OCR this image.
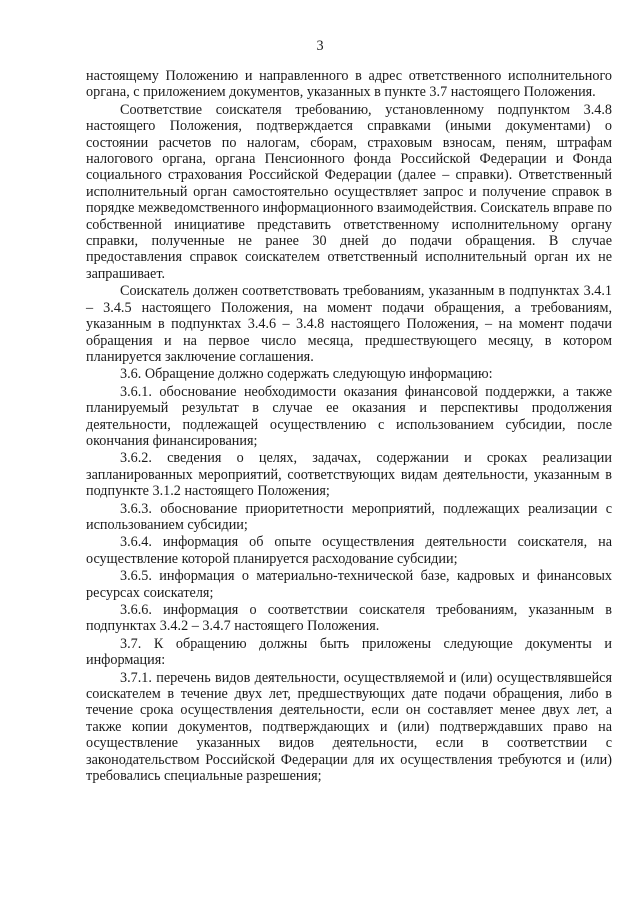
3

настоящему Положению и направленного в адрес ответственного исполнительного органа, с приложением документов, указанных в пункте 3.7 настоящего Положения.

Соответствие соискателя требованию, установленному подпунктом 3.4.8 настоящего Положения, подтверждается справками (иными документами) о состоянии расчетов по налогам, сборам, страховым взносам, пеням, штрафам налогового органа, органа Пенсионного фонда Российской Федерации и Фонда социального страхования Российской Федерации (далее – справки). Ответственный исполнительный орган самостоятельно осуществляет запрос и получение справок в порядке межведомственного информационного взаимодействия. Соискатель вправе по собственной инициативе представить ответственному исполнительному органу справки, полученные не ранее 30 дней до подачи обращения. В случае предоставления справок соискателем ответственный исполнительный орган их не запрашивает.

Соискатель должен соответствовать требованиям, указанным в подпунктах 3.4.1 – 3.4.5 настоящего Положения, на момент подачи обращения, а требованиям, указанным в подпунктах 3.4.6 – 3.4.8 настоящего Положения, – на момент подачи обращения и на первое число месяца, предшествующего месяцу, в котором планируется заключение соглашения.

3.6. Обращение должно содержать следующую информацию:

3.6.1. обоснование необходимости оказания финансовой поддержки, а также планируемый результат в случае ее оказания и перспективы продолжения деятельности, подлежащей осуществлению с использованием субсидии, после окончания финансирования;

3.6.2. сведения о целях, задачах, содержании и сроках реализации запланированных мероприятий, соответствующих видам деятельности, указанным в подпункте 3.1.2 настоящего Положения;

3.6.3. обоснование приоритетности мероприятий, подлежащих реализации с использованием субсидии;

3.6.4. информация об опыте осуществления деятельности соискателя, на осуществление которой планируется расходование субсидии;

3.6.5. информация о материально-технической базе, кадровых и финансовых ресурсах соискателя;

3.6.6. информация о соответствии соискателя требованиям, указанным в подпунктах 3.4.2 – 3.4.7 настоящего Положения.

3.7. К обращению должны быть приложены следующие документы и информация:

3.7.1. перечень видов деятельности, осуществляемой и (или) осуществлявшейся соискателем в течение двух лет, предшествующих дате подачи обращения, либо в течение срока осуществления деятельности, если он составляет менее двух лет, а также копии документов, подтверждающих и (или) подтверждавших право на осуществление указанных видов деятельности, если в соответствии с законодательством Российской Федерации для их осуществления требуются и (или) требовались специальные разрешения;
